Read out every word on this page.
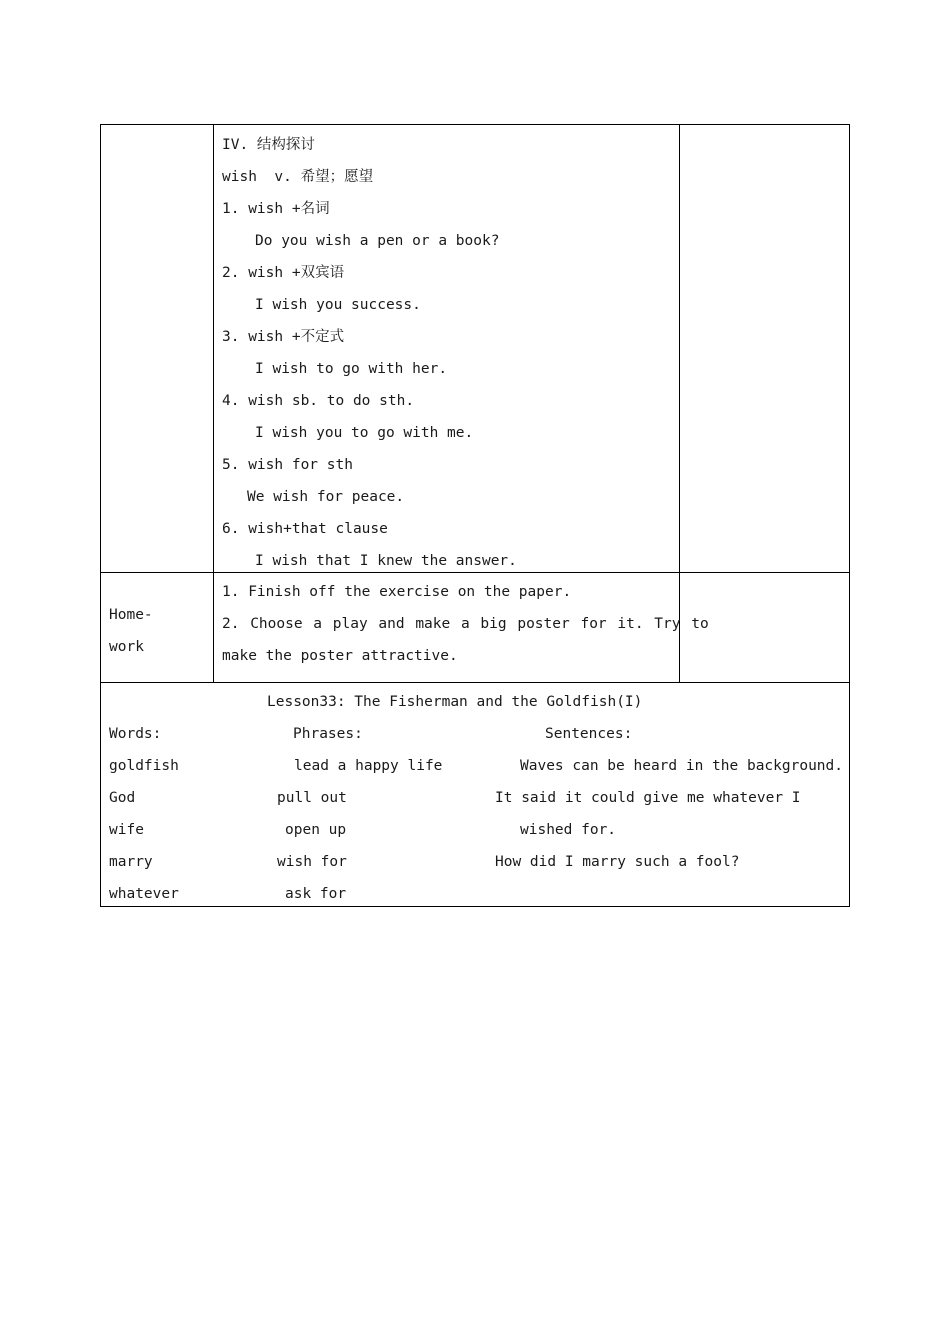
IV. 结构探讨
wish  v. 希望；愿望
1. wish +名词
Do you wish a pen or a book?
2. wish +双宾语
I wish you success.
3. wish +不定式
I wish to go with her.
4. wish sb. to do sth.
I wish you to go with me.
5. wish for sth
We wish for peace.
6. wish+that clause
I wish that I knew the answer.
Home-
work
1. Finish off the exercise on the paper.
2. Choose a play and make a big poster for it. Try to
make the poster attractive.
Lesson33: The Fisherman and the Goldfish(I)
Words:	Phrases:	Sentences:
goldfish
God
wife
marry
whatever
lead a happy life
pull out
open up
wish for
ask for
Waves can be heard in the background.
It said it could give me whatever I
wished for.
How did I marry such a fool?
